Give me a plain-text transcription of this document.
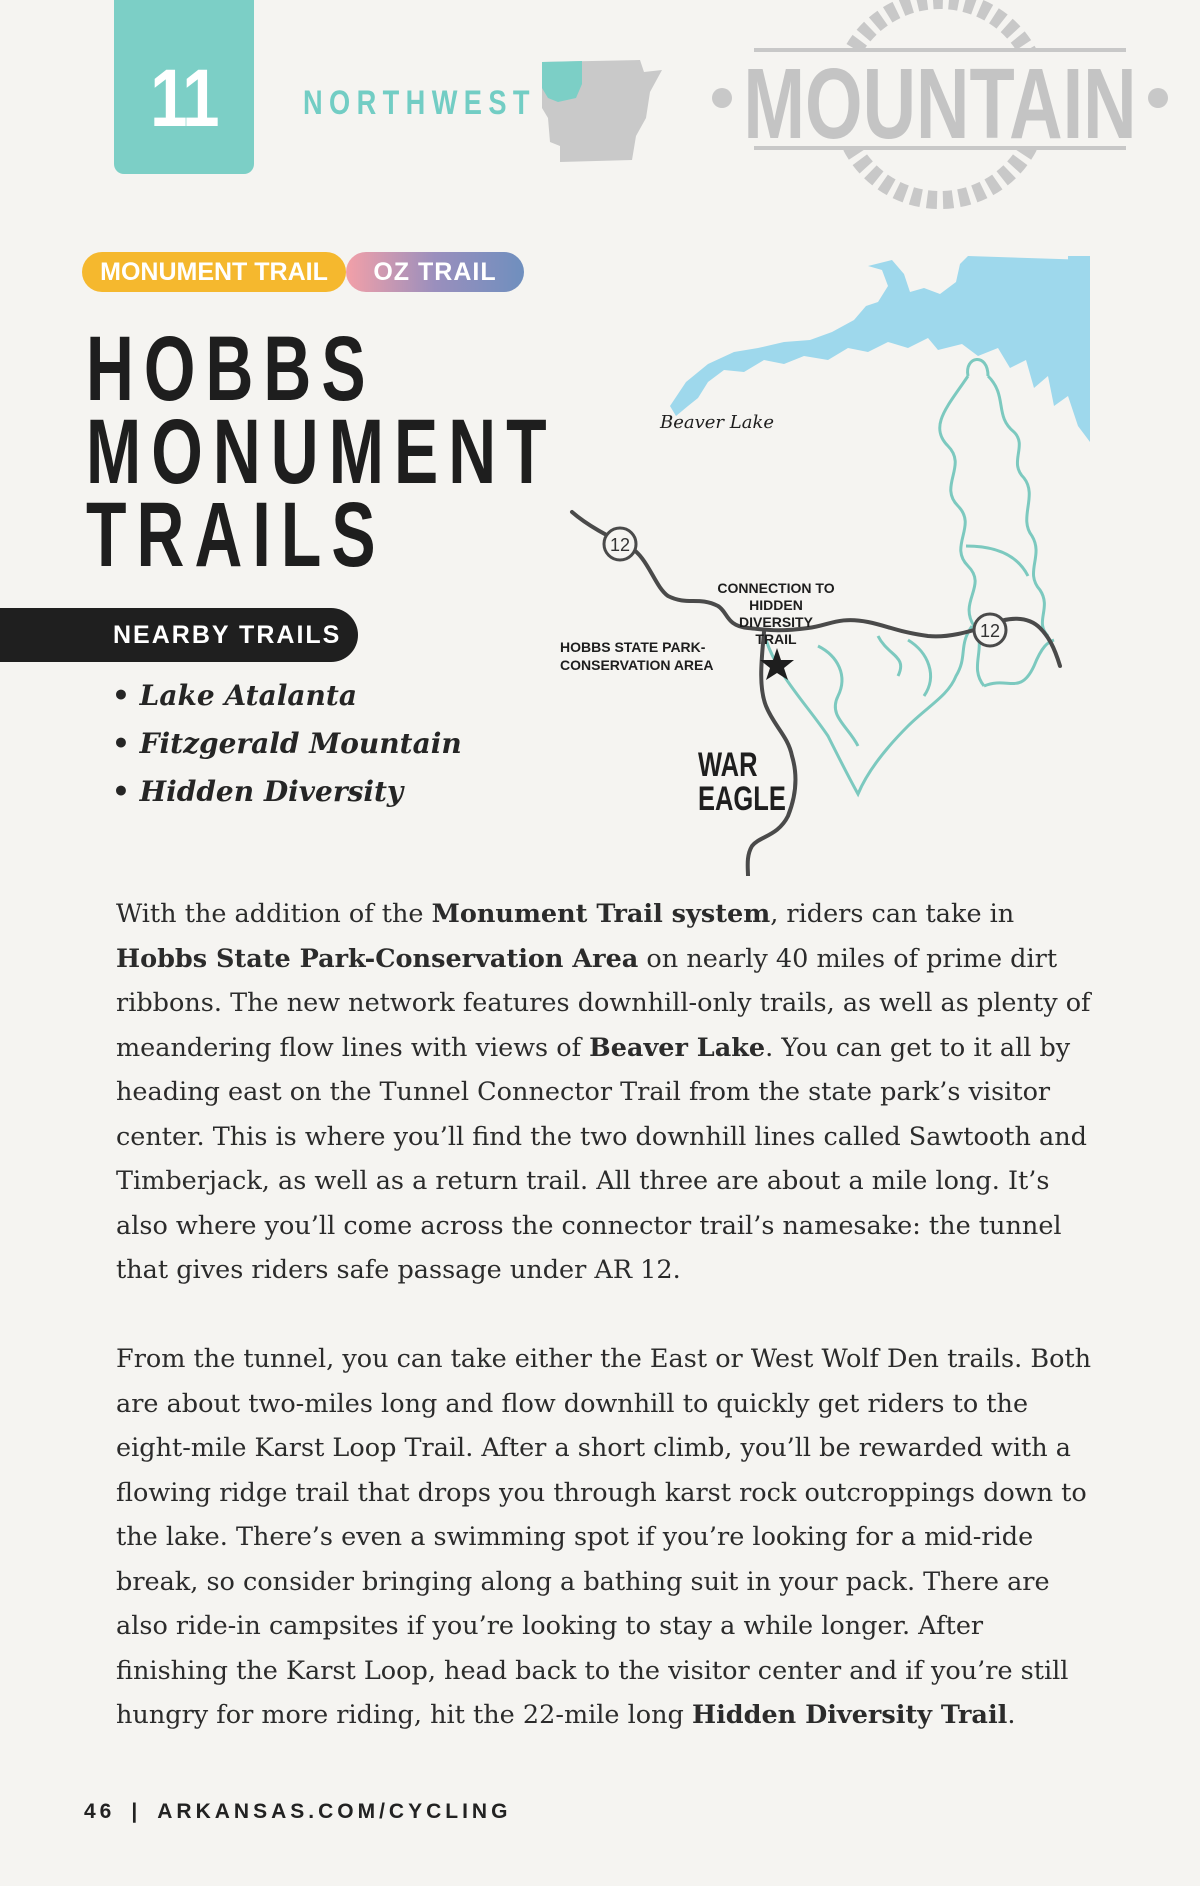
11	NORTHWEST MOUNTAIN
MONUMENT TRAIL	OZ TRAIL
HOBBS
MONUMENT
TRAILS
NEARBY TRAILS
• Lake Atalanta
• Fitzgerald Mountain
• Hidden Diversity
12
12
Beaver Lake
HOBBS STATE PARK-
CONSERVATION AREA
CONNECTION TO
HIDDEN DIVERSITY
TRAIL
WAR
EAGLE

With the addition of the Monument Trail system, riders can take in Hobbs State Park-Conservation Area on nearly 40 miles of prime dirt ribbons. The new network features downhill-only trails, as well as plenty of meandering flow lines with views of Beaver Lake. You can get to it all by heading east on the Tunnel Connector Trail from the state park’s visitor center. This is where you’ll find the two downhill lines called Sawtooth and Timberjack, as well as a return trail. All three are about a mile long. It’s also where you’ll come across the connector trail’s namesake: the tunnel that gives riders safe passage under AR 12.

From the tunnel, you can take either the East or West Wolf Den trails. Both are about two-miles long and flow downhill to quickly get riders to the eight-mile Karst Loop Trail. After a short climb, you’ll be rewarded with a flowing ridge trail that drops you through karst rock outcroppings down to the lake. There’s even a swimming spot if you’re looking for a mid-ride break, so consider bringing along a bathing suit in your pack. There are also ride-in campsites if you’re looking to stay a while longer. After finishing the Karst Loop, head back to the visitor center and if you’re still hungry for more riding, hit the 22-mile long Hidden Diversity Trail.

46 | ARKANSAS.COM/CYCLING
